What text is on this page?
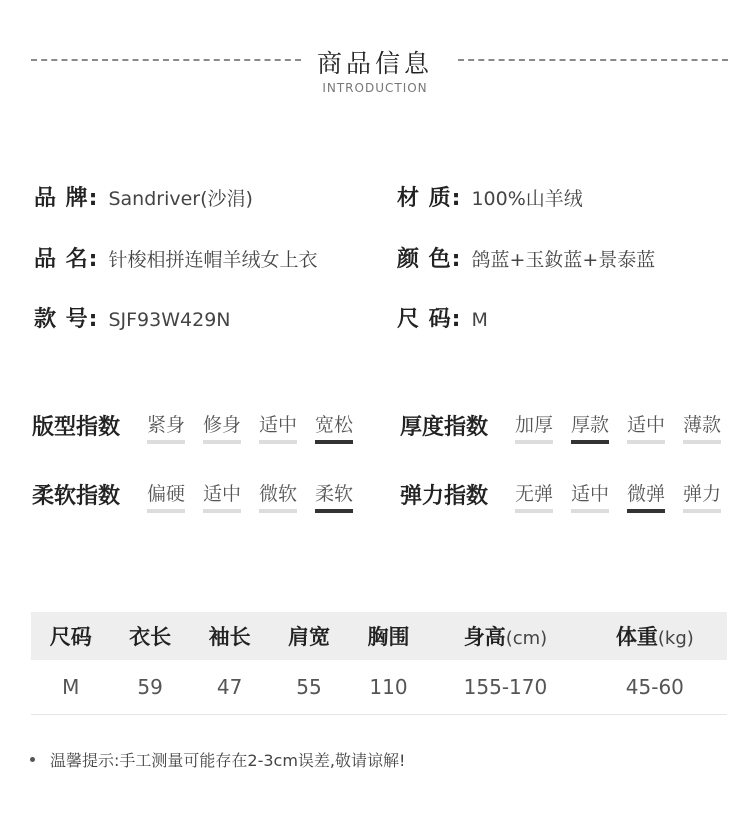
商品信息
INTRODUCTION
品 牌: Sandriver(沙涓)	材 质: 100%山羊绒
品 名: 针梭相拼连帽羊绒女上衣	颜 色: 鸽蓝+玉釹蓝+景泰蓝
款 号: SJF93W429N	尺 码: M
版型指数	紧身 修身 适中 宽松 厚度指数	加厚 厚款 适中 薄款
柔软指数	偏硬 适中 微软 柔软 弹力指数	无弹 适中 微弹 弹力
尺码	衣长	袖长	肩宽	胸围	身高(cm)	体重(kg)
M	59	47	55	110	155-170	45-60
温馨提示:手工测量可能存在2-3cm误差,敬请谅解!
